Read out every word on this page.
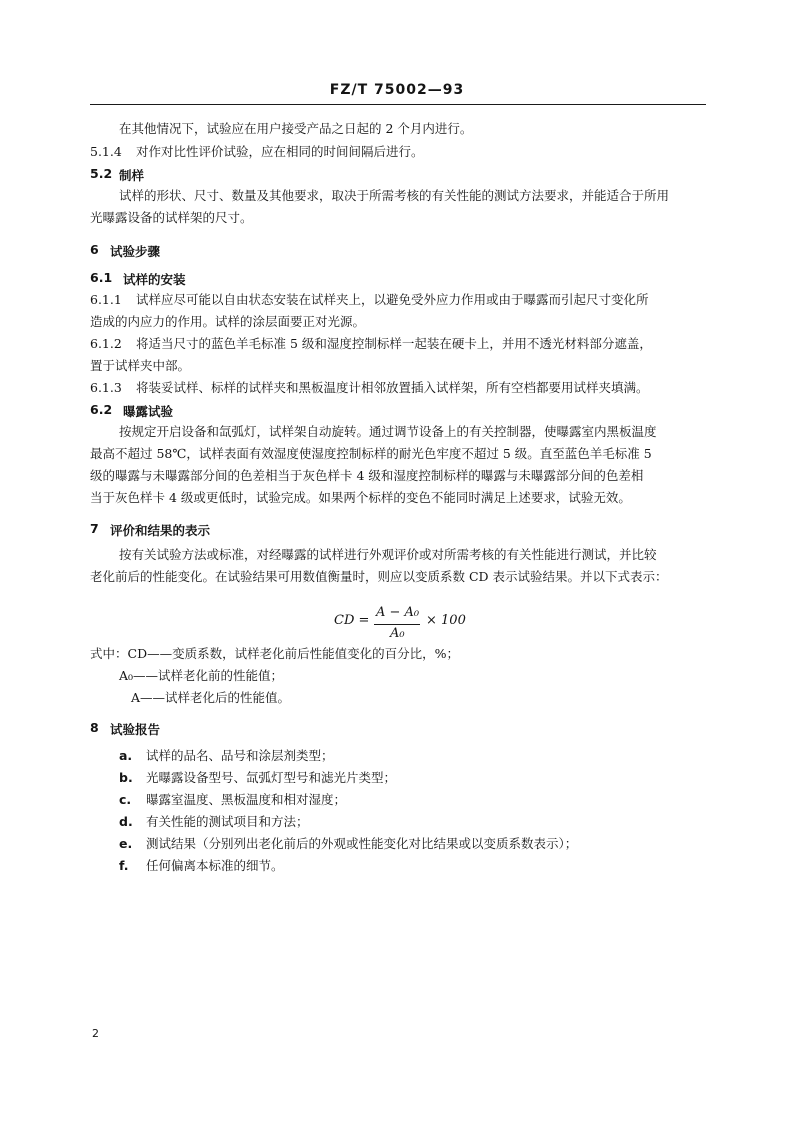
FZ/T 75002—93
在其他情况下，试验应在用户接受产品之日起的 2 个月内进行。
5.1.4 对作对比性评价试验，应在相同的时间间隔后进行。
5.2 制样
试样的形状、尺寸、数量及其他要求，取决于所需考核的有关性能的测试方法要求，并能适合于所用
光曝露设备的试样架的尺寸。
6 试验步骤
6.1 试样的安装
6.1.1 试样应尽可能以自由状态安装在试样夹上，以避免受外应力作用或由于曝露而引起尺寸变化所
造成的内应力的作用。试样的涂层面要正对光源。
6.1.2 将适当尺寸的蓝色羊毛标准 5 级和湿度控制标样一起装在硬卡上，并用不透光材料部分遮盖，
置于试样夹中部。
6.1.3 将装妥试样、标样的试样夹和黑板温度计相邻放置插入试样架，所有空档都要用试样夹填满。
6.2 曝露试验
按规定开启设备和氙弧灯，试样架自动旋转。通过调节设备上的有关控制器，使曝露室内黑板温度
最高不超过 58℃，试样表面有效湿度使湿度控制标样的耐光色牢度不超过 5 级。直至蓝色羊毛标准 5
级的曝露与未曝露部分间的色差相当于灰色样卡 4 级和湿度控制标样的曝露与未曝露部分间的色差相
当于灰色样卡 4 级或更低时，试验完成。如果两个标样的变色不能同时满足上述要求，试验无效。
7 评价和结果的表示
按有关试验方法或标准，对经曝露的试样进行外观评价或对所需考核的有关性能进行测试，并比较
老化前后的性能变化。在试验结果可用数值衡量时，则应以变质系数 CD 表示试验结果。并以下式表示：
CD =
A − A₀
A₀
× 100
式中：CD——变质系数，试样老化前后性能值变化的百分比，%；
A₀——试样老化前的性能值；
A——试样老化后的性能值。
8 试验报告
a. 试样的品名、品号和涂层剂类型；
b. 光曝露设备型号、氙弧灯型号和滤光片类型；
c. 曝露室温度、黑板温度和相对湿度；
d. 有关性能的测试项目和方法；
e. 测试结果（分别列出老化前后的外观或性能变化对比结果或以变质系数表示）；
f. 任何偏离本标准的细节。
2
